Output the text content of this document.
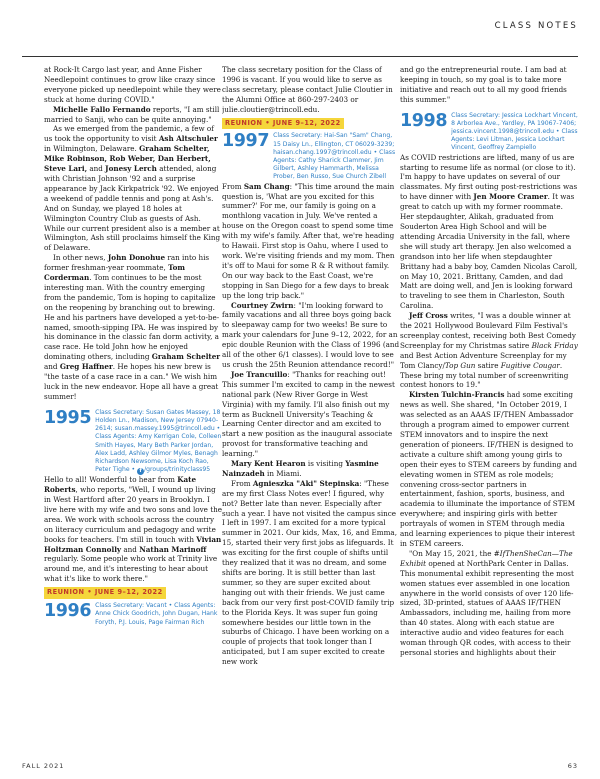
CLASS NOTES

at Rock-It Cargo last year, and Anne Fisher Needlepoint continues to grow like crazy since everyone picked up needlepoint while they were stuck at home during COVID."

Michelle Fallo Fernando reports, "I am still married to Sanji, who can be quite annoying."

As we emerged from the pandemic, a few of us took the opportunity to visit Ash Altschuler in Wilmington, Delaware. Graham Schelter, Mike Robinson, Rob Weber, Dan Herbert, Steve Lari, and Jonesy Lerch attended, along with Christian Johnson '92 and a surprise appearance by Jack Kirkpatrick '92. We enjoyed a weekend of paddle tennis and pong at Ash's. And on Sunday, we played 18 holes at Wilmington Country Club as guests of Ash. While our current president also is a member at Wilmington, Ash still proclaims himself the King of Delaware.

In other news, John Donohue ran into his former freshman-year roommate, Tom Corderman. Tom continues to be the most interesting man. With the country emerging from the pandemic, Tom is hoping to capitalize on the reopening by branching out to brewing. He and his partners have developed a yet-to-be-named, smooth-sipping IPA. He was inspired by his dominance in the classic fan dorm activity, a case race. He told John how he enjoyed dominating others, including Graham Schelter and Greg Haffner. He hopes his new brew is "the taste of a case race in a can." We wish him luck in the new endeavor. Hope all have a great summer!

1995 Class Secretary: Susan Gates Massey, 18 Holden Ln., Madison, New Jersey 07940-2614; susan.massey.1995@trincoll.edu • Class Agents: Amy Kerrigan Cole, Colleen Smith Hayes, Mary Beth Parker Jordan, Alex Ladd, Ashley Gilmor Myles, Benagh Richardson Newsome, Lisa Koch Rao, Peter Tighe • f /groups/trinityclass95

Hello to all! Wonderful to hear from Kate Roberts, who reports, "Well, I wound up living in West Hartford after 20 years in Brooklyn. I live here with my wife and two sons and love the area. We work with schools across the country on literacy curriculum and pedagogy and write books for teachers. I'm still in touch with Vivian Holtzman Connolly and Nathan Marinoff regularly. Some people who work at Trinity live around me, and it's interesting to hear about what it's like to work there."

REUNION • JUNE 9–12, 2022
1996 Class Secretary: Vacant • Class Agents: Anne Chick Goodrich, John Dugan, Hank Foryth, P.J. Louis, Page Fairman Rich

The class secretary position for the Class of 1996 is vacant. If you would like to serve as class secretary, please contact Julie Cloutier in the Alumni Office at 860-297-2403 or julie.cloutier@trincoll.edu.

REUNION • JUNE 9–12, 2022
1997 Class Secretary: Hai-San "Sam" Chang, 15 Daisy Ln., Ellington, CT 06029-3239; haisan.chang.1997@trincoll.edu • Class Agents: Cathy Sharick Clammer, Jim Gilbert, Ashley Hammarth, Melissa Prober, Ben Russo, Sue Church Zibell

From Sam Chang: "This time around the main question is, 'What are you excited for this summer?' For me, our family is going on a monthlong vacation in July. We've rented a house on the Oregon coast to spend some time with my wife's family. After that, we're heading to Hawaii. First stop is Oahu, where I used to work. We're visiting friends and my mom. Then it's off to Maui for some R & R without family. On our way back to the East Coast, we're stopping in San Diego for a few days to break up the long trip back."

Courtney Zwirn: "I'm looking forward to family vacations and all three boys going back to sleepaway camp for two weeks! Be sure to mark your calendars for June 9–12, 2022, for an epic double Reunion with the Class of 1996 (and all of the other 6/1 classes). I would love to see us crush the 25th Reunion attendance record!"

Joe Trancuillo: "Thanks for reaching out! This summer I'm excited to camp in the newest national park (New River Gorge in West Virginia) with my family. I'll also finish out my term as Bucknell University's Teaching & Learning Center director and am excited to start a new position as the inaugural associate provost for transformative teaching and learning."

Mary Kent Hearon is visiting Yasmine Nainzadeh in Miami.

From Agnieszka "Aki" Stepinska: "These are my first Class Notes ever! I figured, why not? Better late than never. Especially after such a year. I have not visited the campus since I left in 1997. I am excited for a more typical summer in 2021. Our kids, Max, 16, and Emma, 15, started their very first jobs as lifeguards. It was exciting for the first couple of shifts until they realized that it was no dream, and some shifts are boring. It is still better than last summer, so they are super excited about hanging out with their friends. We just came back from our very first post-COVID family trip to the Florida Keys. It was super fun going somewhere besides our little town in the suburbs of Chicago. I have been working on a couple of projects that took longer than I anticipated, but I am super excited to create new work

and go the entrepreneurial route. I am bad at keeping in touch, so my goal is to take more initiative and reach out to all my good friends this summer."

1998 Class Secretary: Jessica Lockhart Vincent, 8 Arborlea Ave., Yardley, PA 19067-7406; jessica.vincent.1998@trincoll.edu • Class Agents: Levi Litman, Jessica Lockhart Vincent, Geoffrey Zampiello

As COVID restrictions are lifted, many of us are starting to resume life as normal (or close to it). I'm happy to have updates on several of our classmates. My first outing post-restrictions was to have dinner with Jen Moore Cramer. It was great to catch up with my former roommate. Her stepdaughter, Alikah, graduated from Souderton Area High School and will be attending Arcadia University in the fall, where she will study art therapy. Jen also welcomed a grandson into her life when stepdaughter Brittany had a baby boy, Camden Nicolas Caroll, on May 10, 2021. Brittany, Camden, and dad Matt are doing well, and Jen is looking forward to traveling to see them in Charleston, South Carolina.

Jeff Cross writes, "I was a double winner at the 2021 Hollywood Boulevard Film Festival's screenplay contest, receiving both Best Comedy Screenplay for my Christmas satire Black Friday and Best Action Adventure Screenplay for my Tom Clancy/Top Gun satire Fugitive Cougar. These bring my total number of screenwriting contest honors to 19."

Kirsten Tulchin-Francis had some exciting news as well. She shared, "In October 2019, I was selected as an AAAS IF/THEN Ambassador through a program aimed to empower current STEM innovators and to inspire the next generation of pioneers. IF/THEN is designed to activate a culture shift among young girls to open their eyes to STEM careers by funding and elevating women in STEM as role models; convening cross-sector partners in entertainment, fashion, sports, business, and academia to illuminate the importance of STEM everywhere; and inspiring girls with better portrayals of women in STEM through media and learning experiences to pique their interest in STEM careers.

"On May 15, 2021, the #IfThenSheCan—The Exhibit opened at NorthPark Center in Dallas. This monumental exhibit representing the most women statues ever assembled in one location anywhere in the world consists of over 120 life-sized, 3D-printed, statues of AAAS IF/THEN Ambassadors, including me, hailing from more than 40 states. Along with each statue are interactive audio and video features for each woman through QR codes, with access to their personal stories and highlights about their

FALL 2021	63
